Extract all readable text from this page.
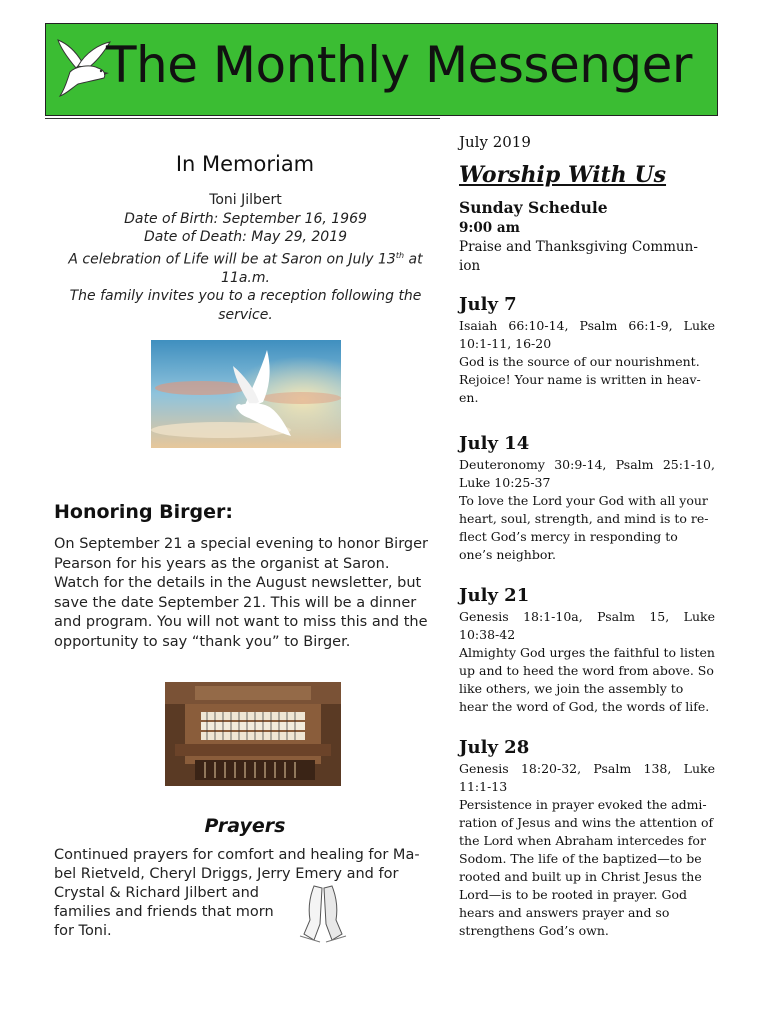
The Monthly Messenger
In Memoriam
Toni Jilbert
Date of Birth: September 16, 1969
Date of Death: May 29, 2019
A celebration of Life will be at Saron on July 13th at 11a.m.
The family invites you to a reception following the service.
Honoring Birger:
On September 21 a special evening to honor Birger Pearson for his years as the organist at Saron. Watch for the details in the August newsletter, but save the date September 21. This will be a dinner and program. You will not want to miss this and the opportunity to say “thank you” to Birger.
Prayers
Continued prayers for comfort and healing for Ma-
bel Rietveld, Cheryl Driggs, Jerry Emery and for
Crystal & Richard Jilbert and
families and friends that morn
for Toni.
July 2019
Worship With Us
Sunday Schedule
9:00 am
Praise and Thanksgiving Commun-ion
July 7
Isaiah 66:10-14, Psalm 66:1-9, Luke 10:1-11, 16-20
God is the source of our nourishment. Rejoice! Your name is written in heav-en.
July 14
Deuteronomy 30:9-14, Psalm 25:1-10, Luke 10:25-37
To love the Lord your God with all your heart, soul, strength, and mind is to re-flect God’s mercy in responding to one’s neighbor.
July 21
Genesis 18:1-10a, Psalm 15, Luke 10:38-42
Almighty God urges the faithful to listen up and to heed the word from above. So like others, we join the assembly to hear the word of God, the words of life.
July 28
Genesis 18:20-32, Psalm 138, Luke 11:1-13
Persistence in prayer evoked the admi-ration of Jesus and wins the attention of the Lord when Abraham intercedes for Sodom. The life of the baptized—to be rooted and built up in Christ Jesus the Lord—is to be rooted in prayer. God hears and answers prayer and so strengthens God’s own.
